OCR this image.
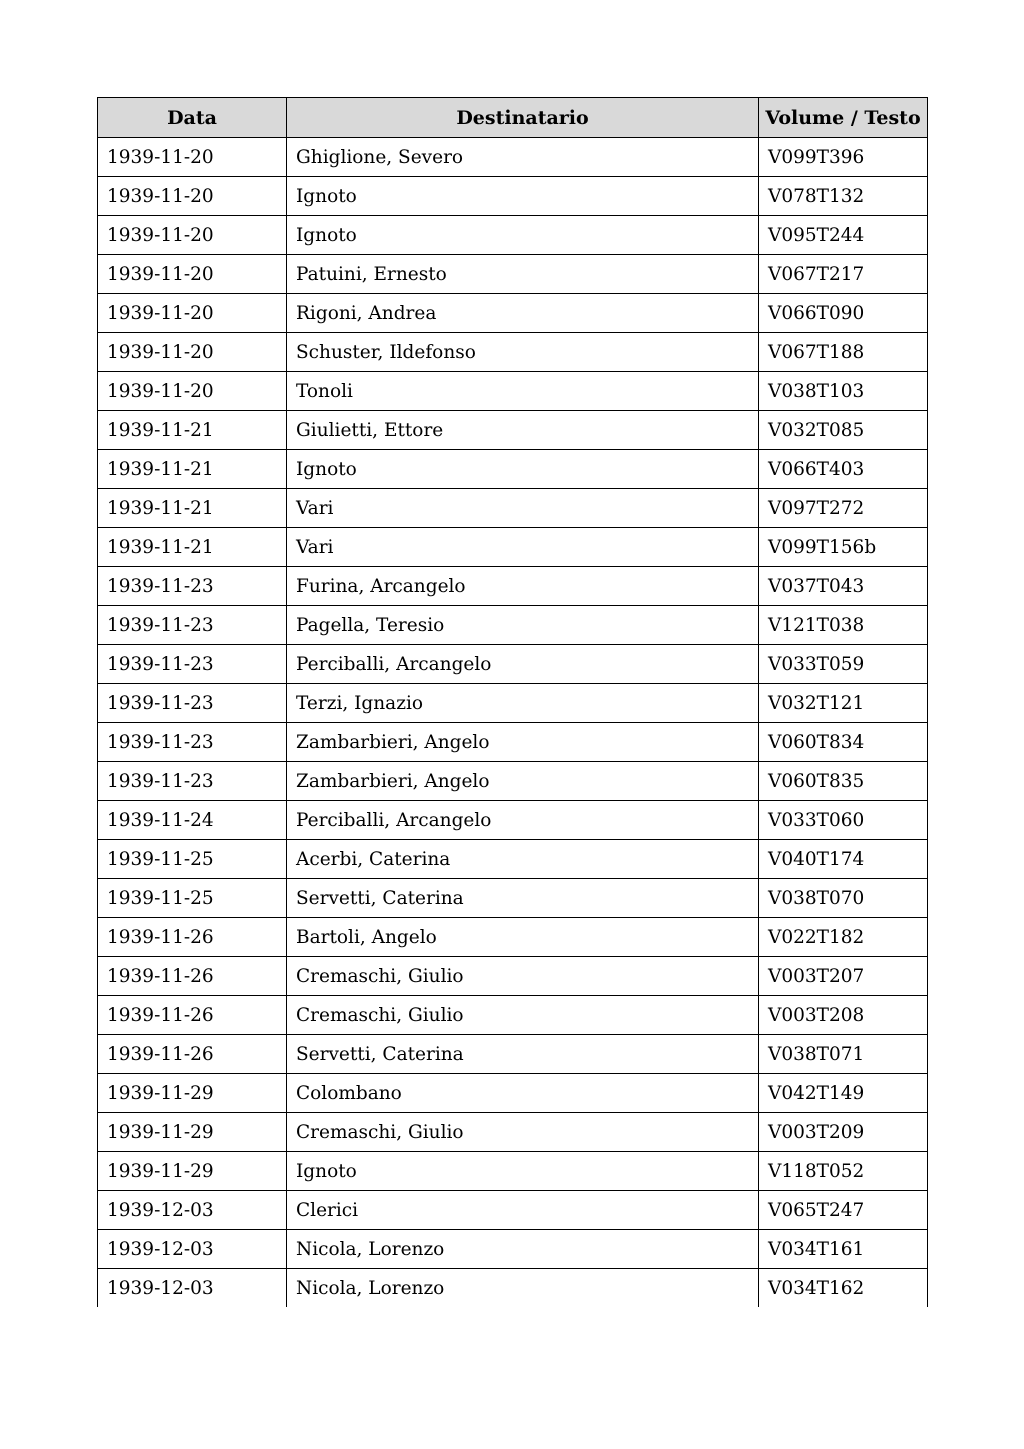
Data	Destinatario	Volume / Testo
1939-11-20	Ghiglione, Severo	V099T396
1939-11-20	Ignoto	V078T132
1939-11-20	Ignoto	V095T244
1939-11-20	Patuini, Ernesto	V067T217
1939-11-20	Rigoni, Andrea	V066T090
1939-11-20	Schuster, Ildefonso	V067T188
1939-11-20	Tonoli	V038T103
1939-11-21	Giulietti, Ettore	V032T085
1939-11-21	Ignoto	V066T403
1939-11-21	Vari	V097T272
1939-11-21	Vari	V099T156b
1939-11-23	Furina, Arcangelo	V037T043
1939-11-23	Pagella, Teresio	V121T038
1939-11-23	Perciballi, Arcangelo	V033T059
1939-11-23	Terzi, Ignazio	V032T121
1939-11-23	Zambarbieri, Angelo	V060T834
1939-11-23	Zambarbieri, Angelo	V060T835
1939-11-24	Perciballi, Arcangelo	V033T060
1939-11-25	Acerbi, Caterina	V040T174
1939-11-25	Servetti, Caterina	V038T070
1939-11-26	Bartoli, Angelo	V022T182
1939-11-26	Cremaschi, Giulio	V003T207
1939-11-26	Cremaschi, Giulio	V003T208
1939-11-26	Servetti, Caterina	V038T071
1939-11-29	Colombano	V042T149
1939-11-29	Cremaschi, Giulio	V003T209
1939-11-29	Ignoto	V118T052
1939-12-03	Clerici	V065T247
1939-12-03	Nicola, Lorenzo	V034T161
1939-12-03	Nicola, Lorenzo	V034T162
